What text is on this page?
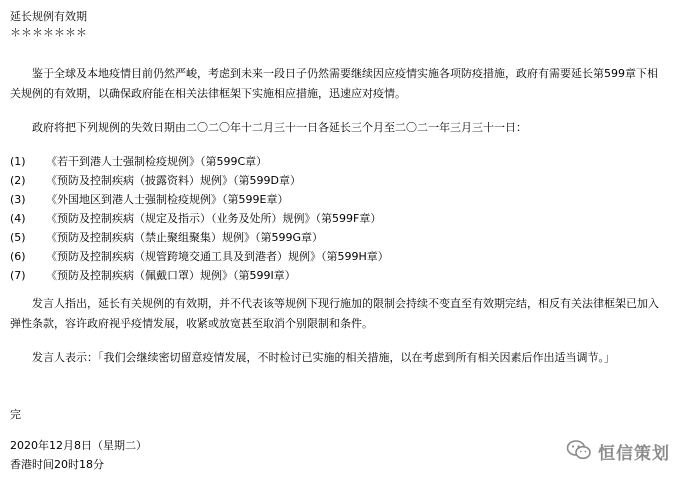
延长规例有效期
＊＊＊＊＊＊＊
鉴于全球及本地疫情目前仍然严峻，考虑到未来一段日子仍然需要继续因应疫情实施各项防疫措施，政府有需要延长第599章下相关规例的有效期，以确保政府能在相关法律框架下实施相应措施，迅速应对疫情。
政府将把下列规例的失效日期由二〇二〇年十二月三十一日各延长三个月至二〇二一年三月三十一日：
(1) 《若干到港人士强制检疫规例》（第599C章）
(2) 《预防及控制疾病（披露资料）规例》（第599D章）
(3) 《外国地区到港人士强制检疫规例》（第599E章）
(4) 《预防及控制疾病（规定及指示）（业务及处所）规例》（第599F章）
(5) 《预防及控制疾病（禁止聚组聚集）规例》（第599G章）
(6) 《预防及控制疾病（规管跨境交通工具及到港者）规例》（第599H章）
(7) 《预防及控制疾病（佩戴口罩）规例》（第599I章）
发言人指出，延长有关规例的有效期，并不代表该等规例下现行施加的限制会持续不变直至有效期完结，相反有关法律框架已加入弹性条款，容许政府视乎疫情发展，收紧或放宽甚至取消个别限制和条件。
发言人表示：「我们会继续密切留意疫情发展，不时检讨已实施的相关措施，以在考虑到所有相关因素后作出适当调节。」
完
2020年12月8日（星期二）
香港时间20时18分
恒信策划
